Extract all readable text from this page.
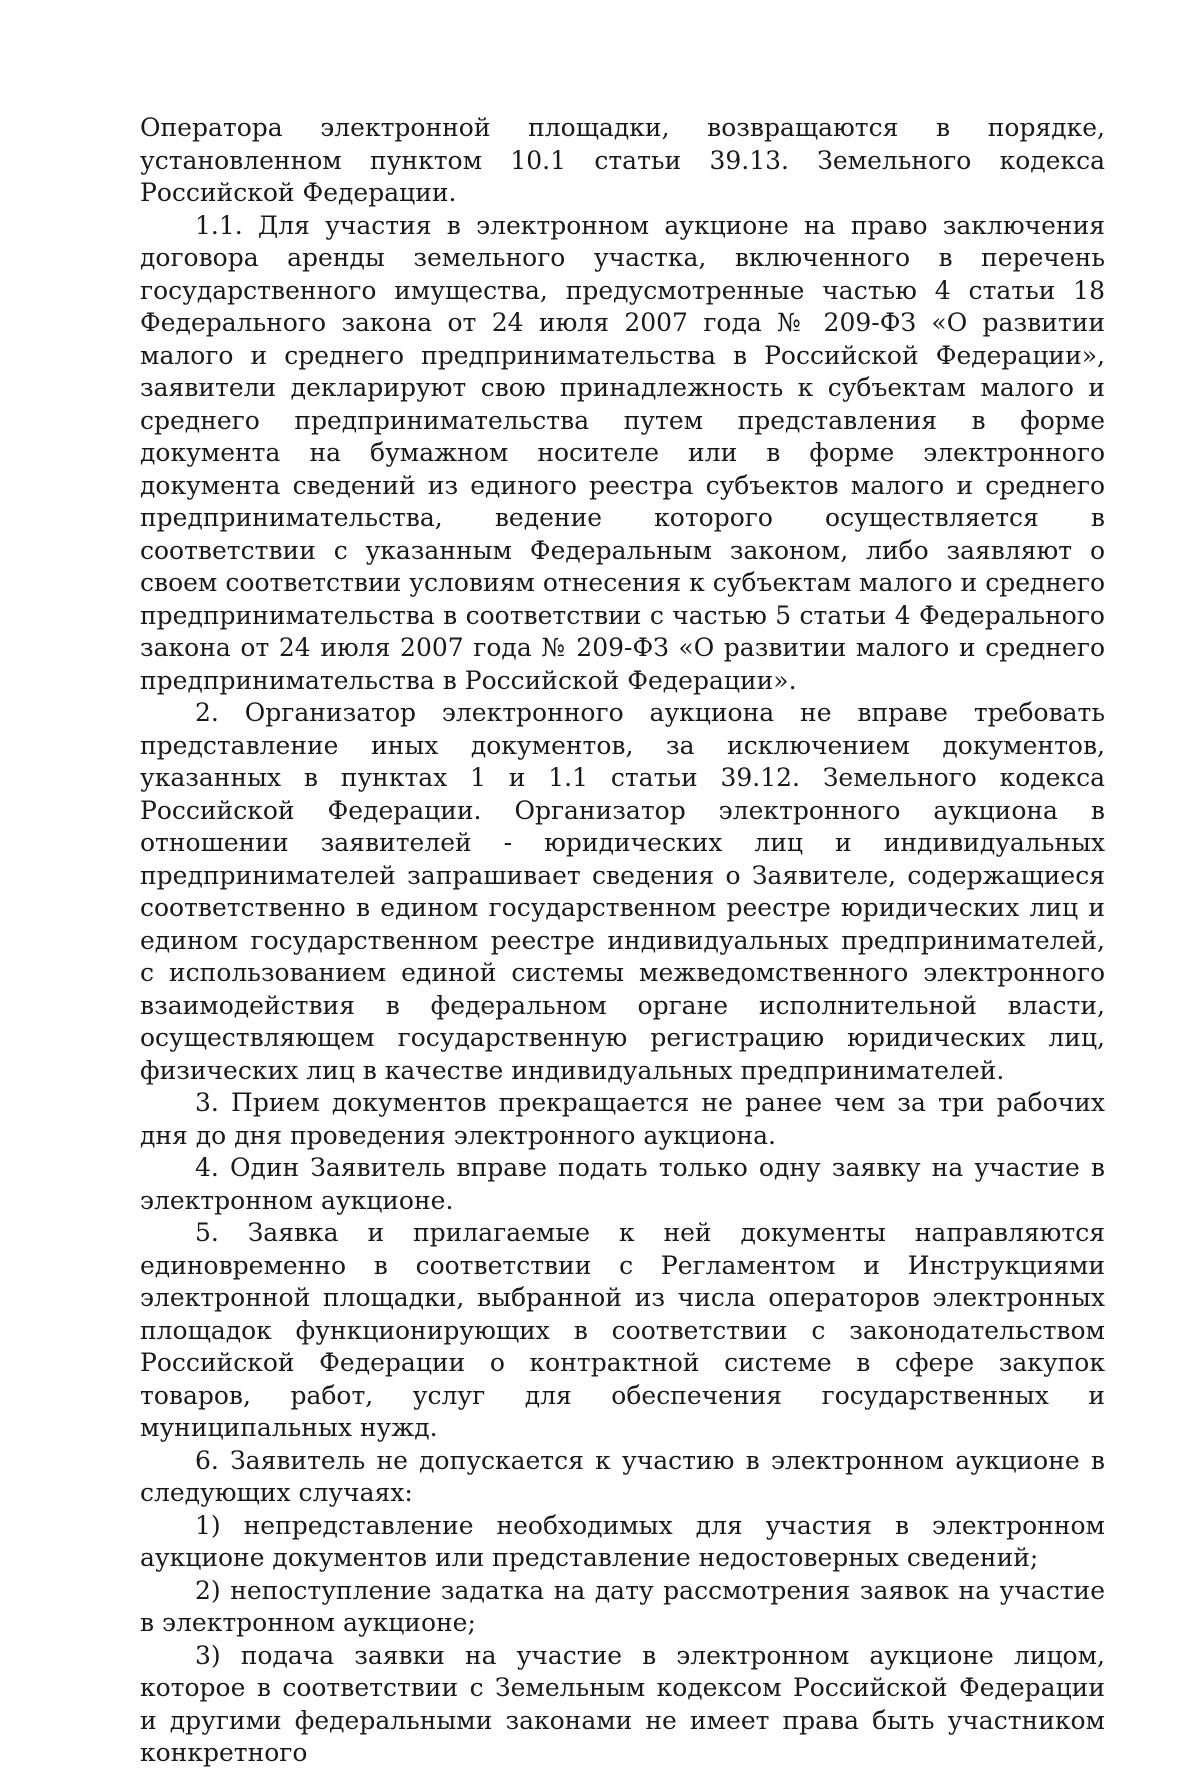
Оператора электронной площадки, возвращаются в порядке, установленном пунктом 10.1 статьи 39.13. Земельного кодекса Российской Федерации.

1.1. Для участия в электронном аукционе на право заключения договора аренды земельного участка, включенного в перечень государственного имущества, предусмотренные частью 4 статьи 18 Федерального закона от 24 июля 2007 года № 209-ФЗ «О развитии малого и среднего предпринимательства в Российской Федерации», заявители декларируют свою принадлежность к субъектам малого и среднего предпринимательства путем представления в форме документа на бумажном носителе или в форме электронного документа сведений из единого реестра субъектов малого и среднего предпринимательства, ведение которого осуществляется в соответствии с указанным Федеральным законом, либо заявляют о своем соответствии условиям отнесения к субъектам малого и среднего предпринимательства в соответствии с частью 5 статьи 4 Федерального закона от 24 июля 2007 года № 209-ФЗ «О развитии малого и среднего предпринимательства в Российской Федерации».

2. Организатор электронного аукциона не вправе требовать представление иных документов, за исключением документов, указанных в пунктах 1 и 1.1 статьи 39.12. Земельного кодекса Российской Федерации. Организатор электронного аукциона в отношении заявителей - юридических лиц и индивидуальных предпринимателей запрашивает сведения о Заявителе, содержащиеся соответственно в едином государственном реестре юридических лиц и едином государственном реестре индивидуальных предпринимателей, с использованием единой системы межведомственного электронного взаимодействия в федеральном органе исполнительной власти, осуществляющем государственную регистрацию юридических лиц, физических лиц в качестве индивидуальных предпринимателей.

3. Прием документов прекращается не ранее чем за три рабочих дня до дня проведения электронного аукциона.

4. Один Заявитель вправе подать только одну заявку на участие в электронном аукционе.

5. Заявка и прилагаемые к ней документы направляются единовременно в соответствии с Регламентом и Инструкциями электронной площадки, выбранной из числа операторов электронных площадок функционирующих в соответствии с законодательством Российской Федерации о контрактной системе в сфере закупок товаров, работ, услуг для обеспечения государственных и муниципальных нужд.

6. Заявитель не допускается к участию в электронном аукционе в следующих случаях:

1) непредставление необходимых для участия в электронном аукционе документов или представление недостоверных сведений;

2) непоступление задатка на дату рассмотрения заявок на участие в электронном аукционе;

3) подача заявки на участие в электронном аукционе лицом, которое в соответствии с Земельным кодексом Российской Федерации и другими федеральными законами не имеет права быть участником конкретного
